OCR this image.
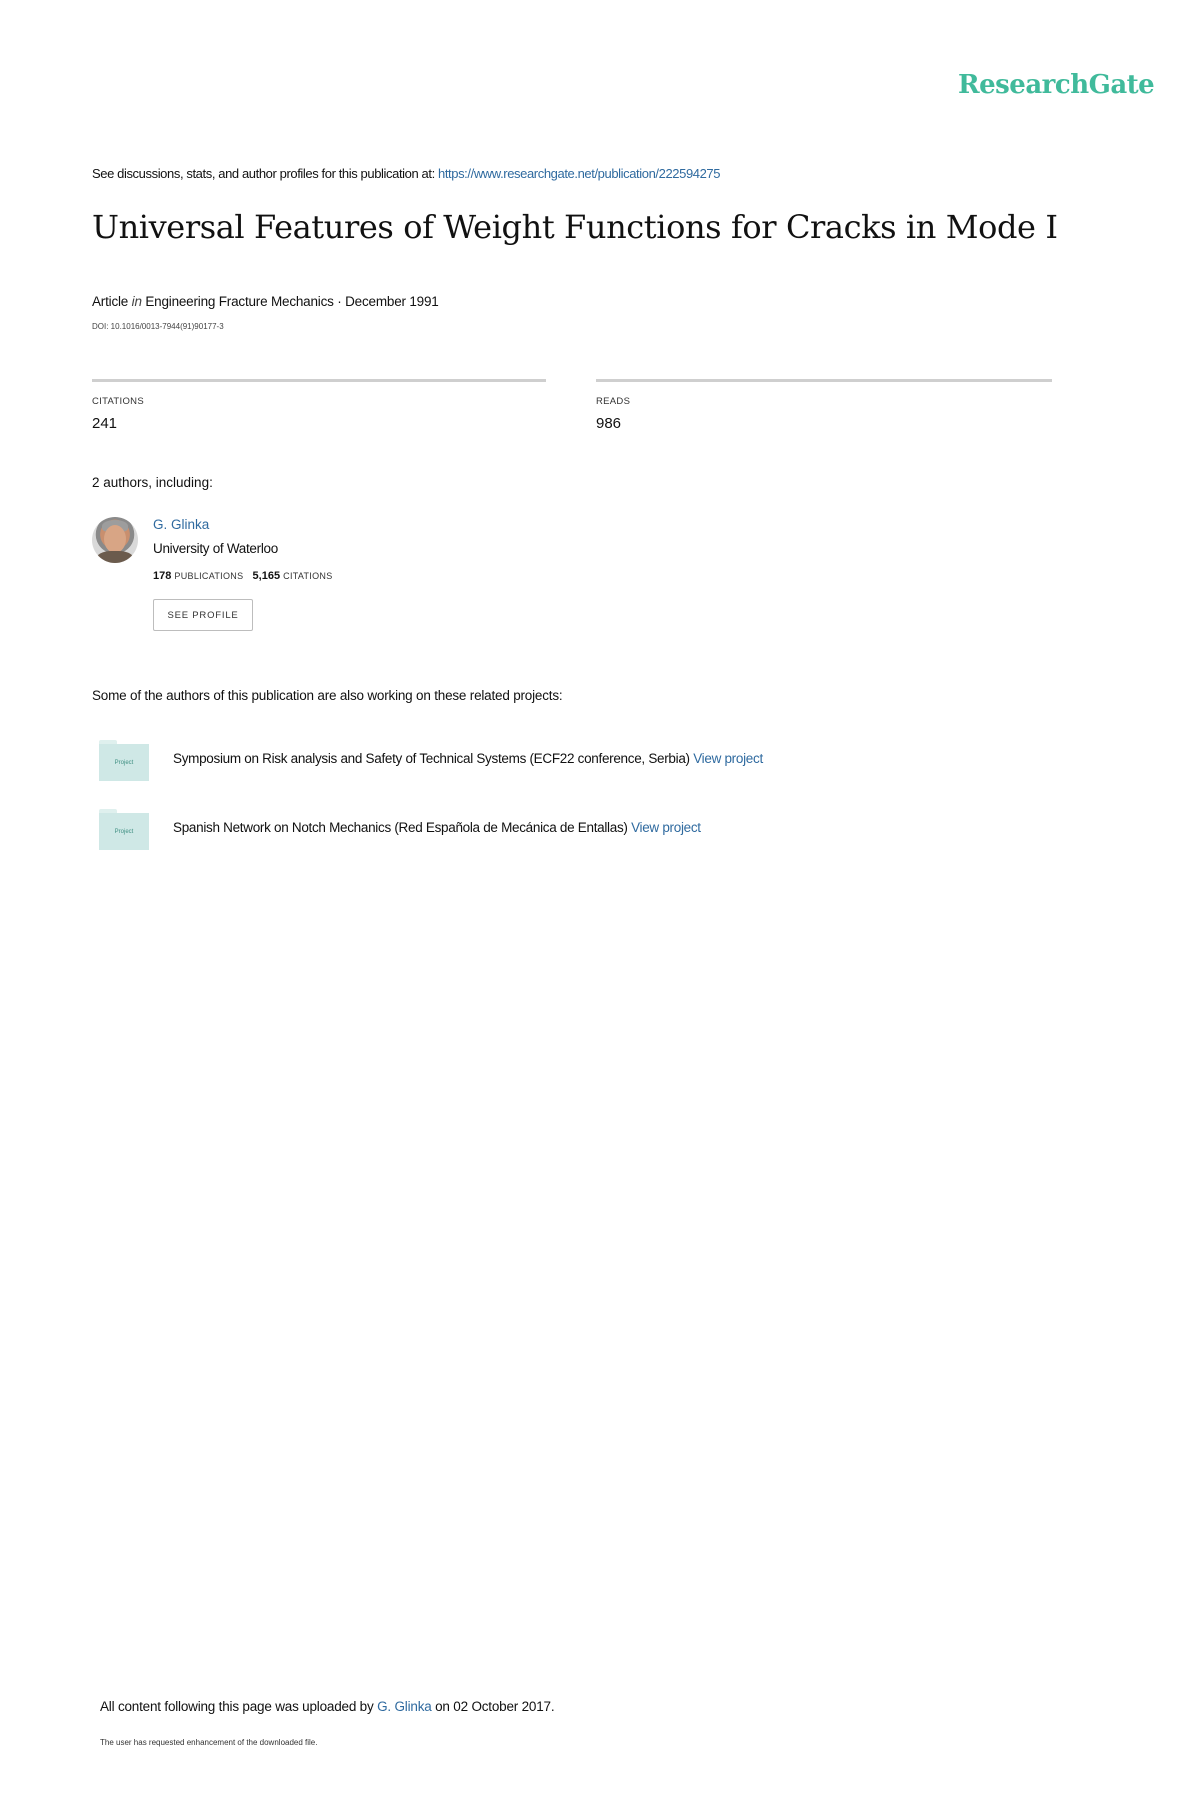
ResearchGate
See discussions, stats, and author profiles for this publication at: https://www.researchgate.net/publication/222594275
Universal Features of Weight Functions for Cracks in Mode I
Article in Engineering Fracture Mechanics · December 1991
DOI: 10.1016/0013-7944(91)90177-3
CITATIONS
241
READS
986
2 authors, including:
G. Glinka
University of Waterloo
178 PUBLICATIONS 5,165 CITATIONS
SEE PROFILE
Some of the authors of this publication are also working on these related projects:
Project	Symposium on Risk analysis and Safety of Technical Systems (ECF22 conference, Serbia) View project
Project	Spanish Network on Notch Mechanics (Red Española de Mecánica de Entallas) View project
All content following this page was uploaded by G. Glinka on 02 October 2017.
The user has requested enhancement of the downloaded file.
